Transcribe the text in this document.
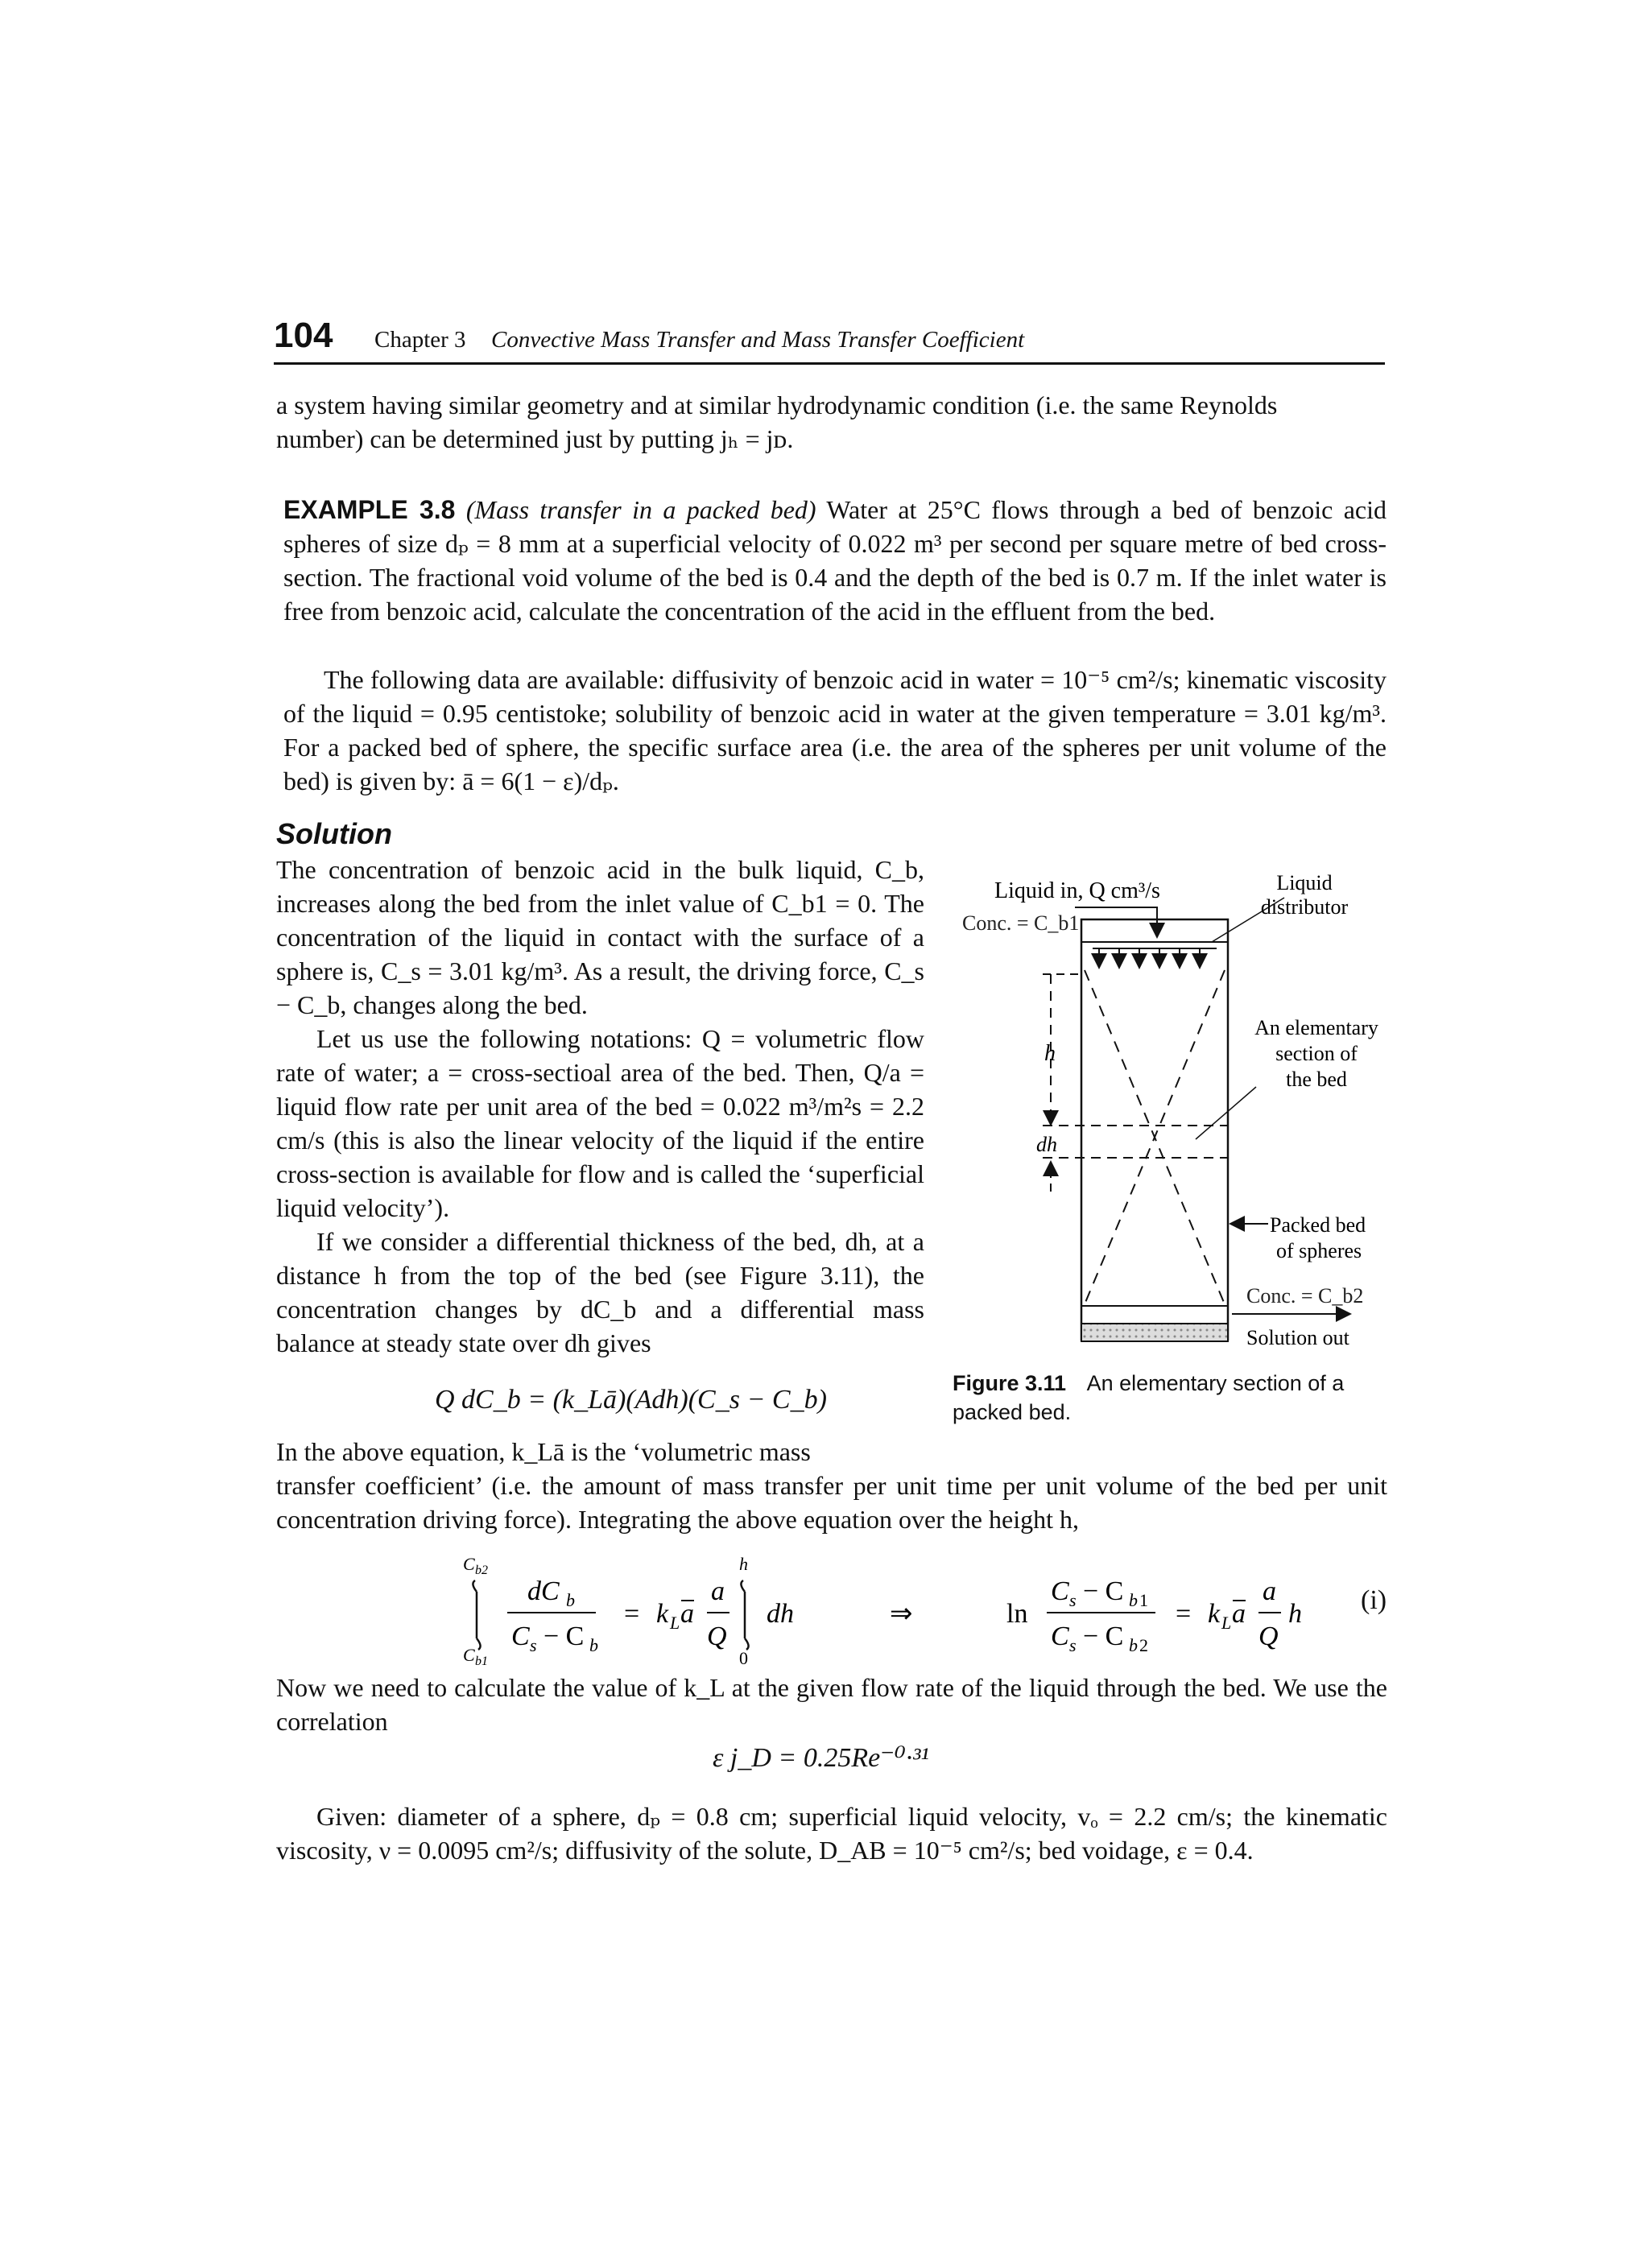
104 Chapter 3 Convective Mass Transfer and Mass Transfer Coefficient

a system having similar geometry and at similar hydrodynamic condition (i.e. the same Reynolds

number) can be determined just by putting jₕ = jᴅ.

EXAMPLE 3.8 (Mass transfer in a packed bed) Water at 25°C flows through a bed of benzoic acid spheres of size dₚ = 8 mm at a superficial velocity of 0.022 m³ per second per square metre of bed cross-section. The fractional void volume of the bed is 0.4 and the depth of the bed is 0.7 m. If the inlet water is free from benzoic acid, calculate the concentration of the acid in the effluent from the bed.

The following data are available: diffusivity of benzoic acid in water = 10⁻⁵ cm²/s; kinematic viscosity of the liquid = 0.95 centistoke; solubility of benzoic acid in water at the given temperature = 3.01 kg/m³. For a packed bed of sphere, the specific surface area (i.e. the area of the spheres per unit volume of the bed) is given by: ā = 6(1 − ε)/dₚ.

Solution

The concentration of benzoic acid in the bulk liquid, C_b, increases along the bed from the inlet value of C_b1 = 0. The concentration of the liquid in contact with the surface of a sphere is, C_s = 3.01 kg/m³. As a result, the driving force, C_s − C_b, changes along the bed.

Let us use the following notations: Q = volumetric flow rate of water; a = cross-sectioal area of the bed. Then, Q/a = liquid flow rate per unit area of the bed = 0.022 m³/m²s = 2.2 cm/s (this is also the linear velocity of the liquid if the entire cross-section is available for flow and is called the ‘superficial liquid velocity’).

If we consider a differential thickness of the bed, dh, at a distance h from the top of the bed (see Figure 3.11), the concentration changes by dC_b and a differential mass balance at steady state over dh gives

Q dC_b = (k_Lā)(Adh)(C_s − C_b)

In the above equation, k_Lā is the ‘volumetric mass

transfer coefficient’ (i.e. the amount of mass transfer per unit time per unit volume of the bed per unit concentration driving force). Integrating the above equation over the height h,

C b2
C b1
dC b
C s − C b
= k L a
a
Q
h
0
dh	⇒	ln
C s − C b 1
C s − C b 2
= k L a
a
Q
h (i)

Now we need to calculate the value of k_L at the given flow rate of the liquid through the bed. We use the correlation

ε j_D = 0.25Re⁻⁰·³¹

Given: diameter of a sphere, dₚ = 0.8 cm; superficial liquid velocity, vₒ = 2.2 cm/s; the kinematic viscosity, ν = 0.0095 cm²/s; diffusivity of the solute, D_AB = 10⁻⁵ cm²/s; bed voidage, ε = 0.4.

Liquid in, Q cm³/s
Conc. = C_b1
Liquid distributor
h
dh
An elementary section of the bed
Packed bed of spheres
Conc. = C_b2
Solution out
Figure 3.11 An elementary section of a packed bed.
